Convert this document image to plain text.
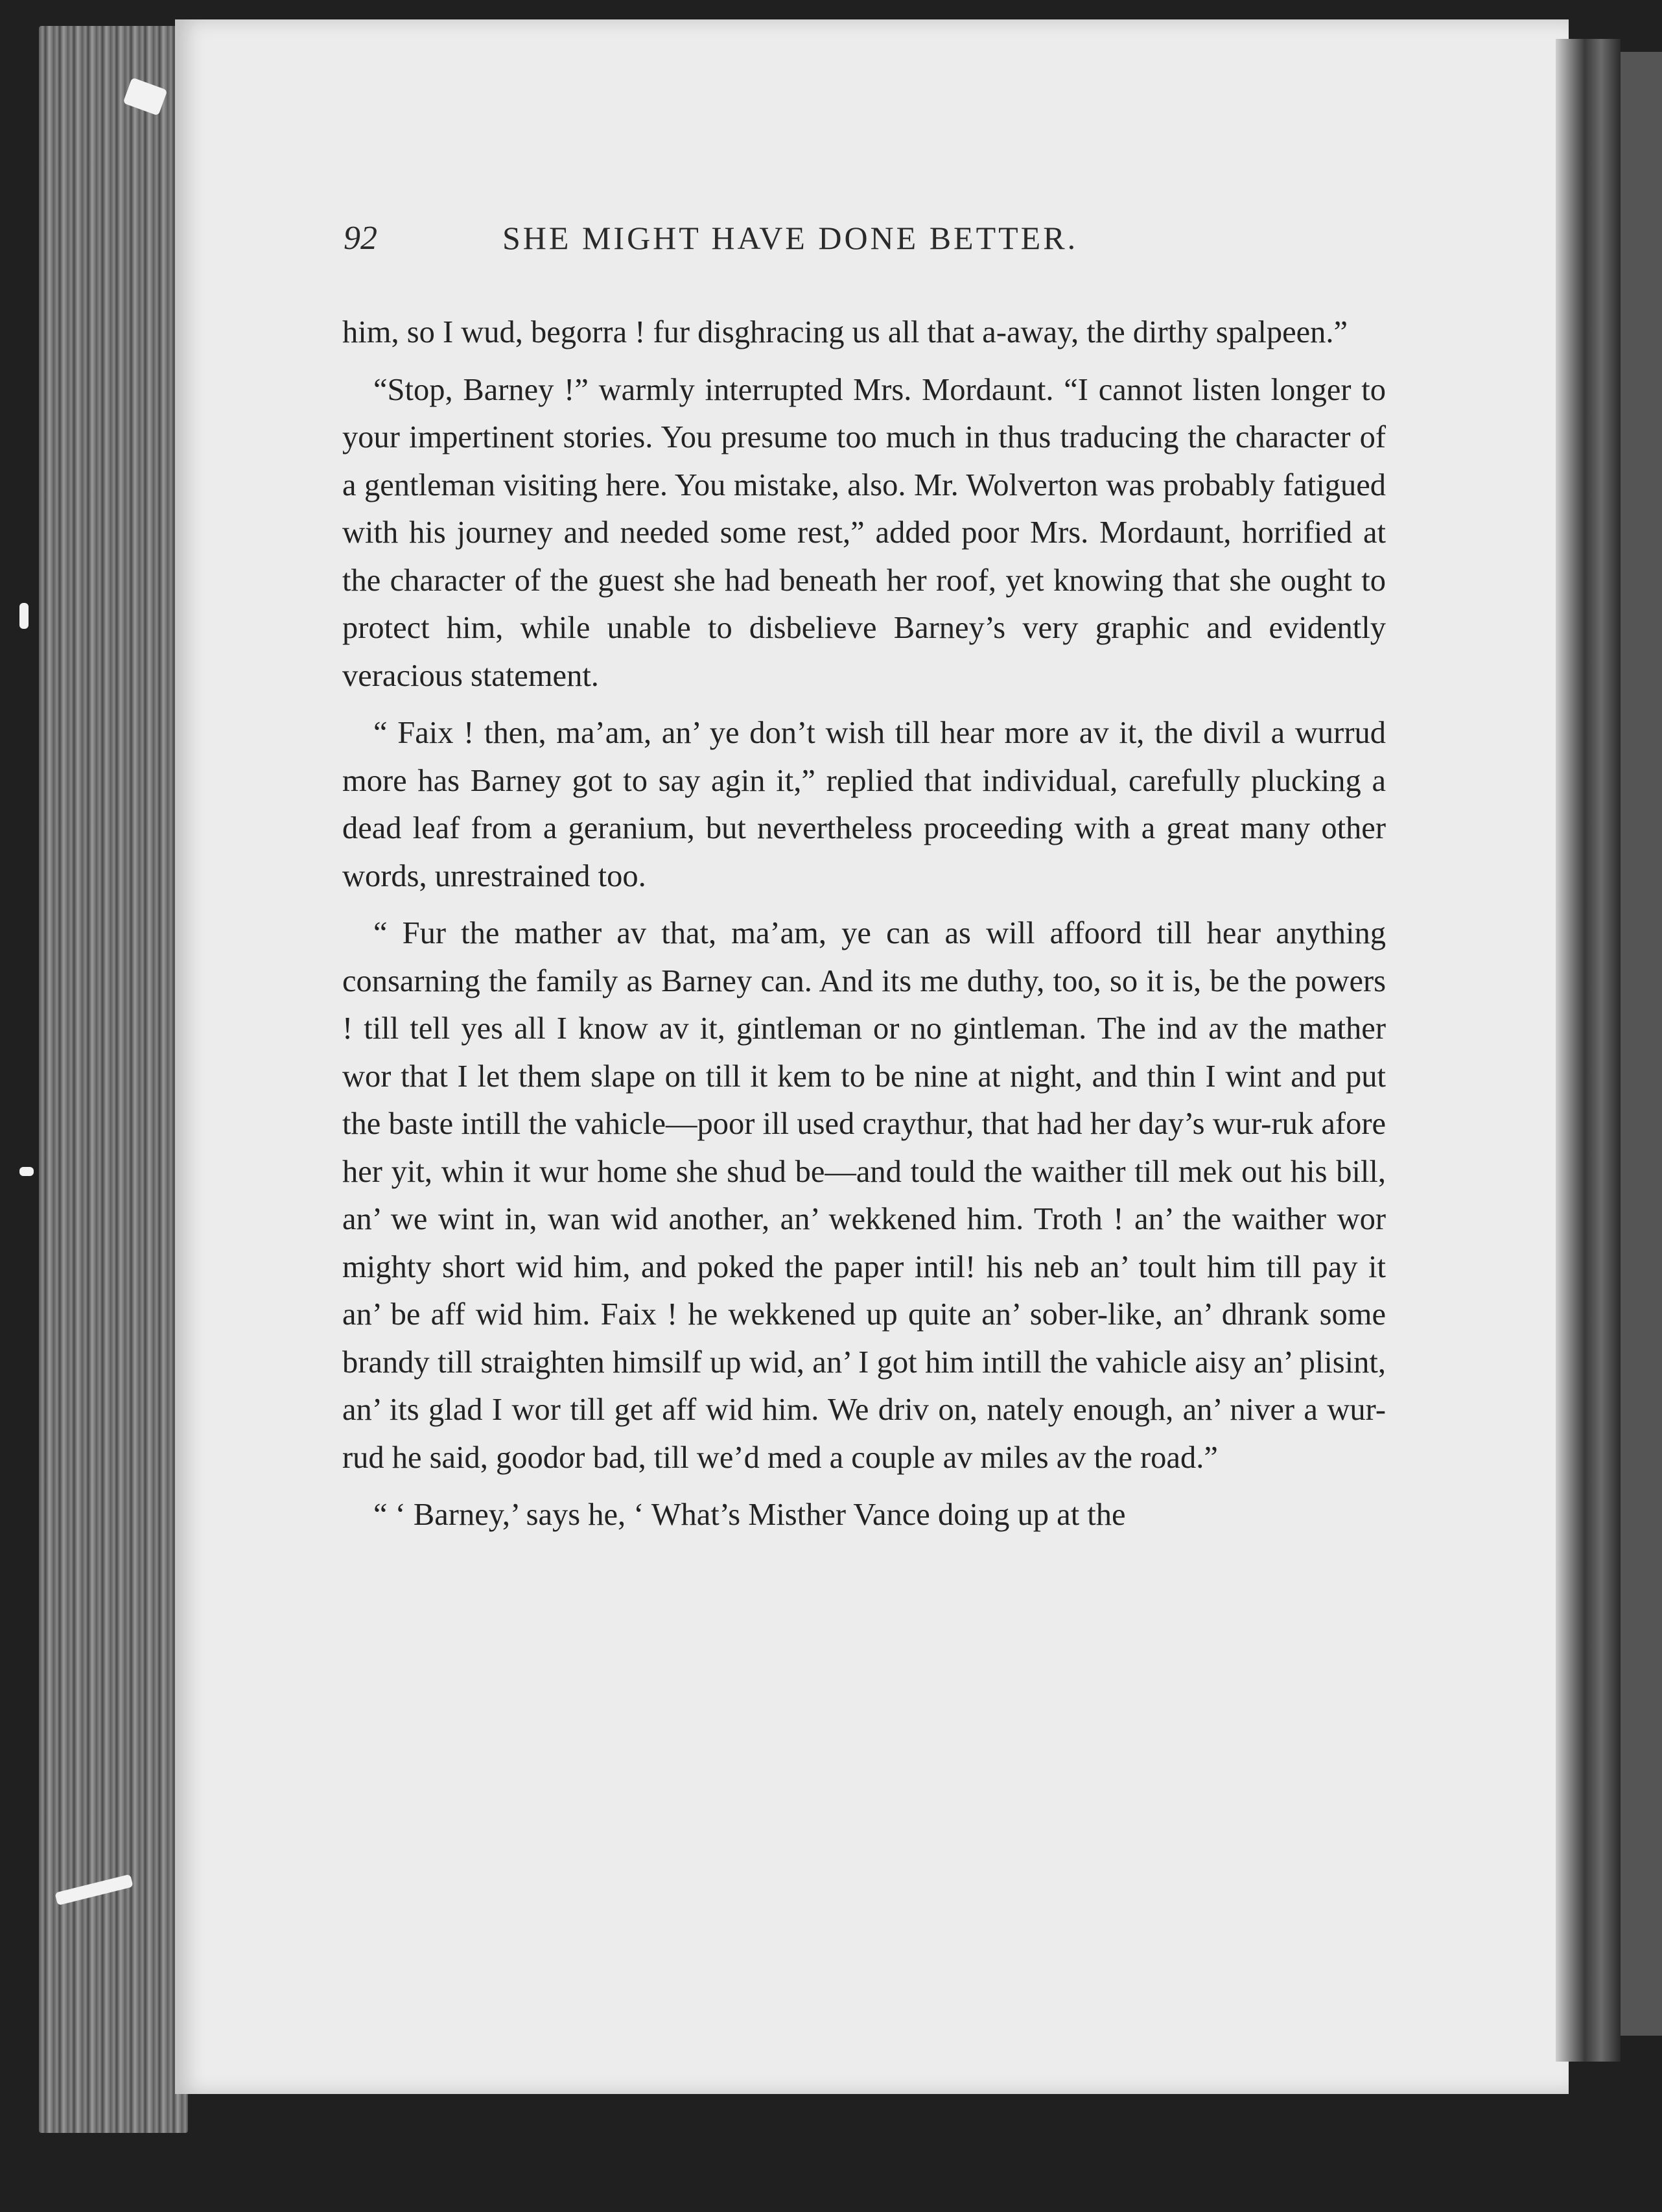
92	SHE MIGHT HAVE DONE BETTER.

him, so I wud, begorra ! fur disghracing us all that a-away, the dirthy spalpeen.”

“Stop, Barney !” warmly interrupted Mrs. Mordaunt. “I cannot listen longer to your impertinent stories. You presume too much in thus traducing the character of a gentleman visiting here. You mistake, also. Mr. Wolverton was probably fatigued with his journey and needed some rest,” added poor Mrs. Mordaunt, horrified at the character of the guest she had beneath her roof, yet knowing that she ought to protect him, while unable to disbelieve Barney’s very graphic and evidently veracious statement.

“ Faix ! then, ma’am, an’ ye don’t wish till hear more av it, the divil a wurrud more has Barney got to say agin it,” replied that individual, carefully plucking a dead leaf from a geranium, but nevertheless proceeding with a great many other words, unrestrained too.

“ Fur the mather av that, ma’am, ye can as will affoord till hear anything consarning the family as Barney can. And its me duthy, too, so it is, be the powers ! till tell yes all I know av it, gintleman or no gintleman. The ind av the mather wor that I let them slape on till it kem to be nine at night, and thin I wint and put the baste intill the vahicle—poor ill used craythur, that had her day’s wur-ruk afore her yit, whin it wur home she shud be—and tould the waither till mek out his bill, an’ we wint in, wan wid another, an’ wekkened him. Troth ! an’ the waither wor mighty short wid him, and poked the paper intil! his neb an’ toult him till pay it an’ be aff wid him. Faix ! he wekkened up quite an’ sober-like, an’ dhrank some brandy till straighten himsilf up wid, an’ I got him intill the vahicle aisy an’ plisint, an’ its glad I wor till get aff wid him. We driv on, nately enough, an’ niver a wur-rud he said, goodor bad, till we’d med a couple av miles av the road.”

“ ‘ Barney,’ says he, ‘ What’s Misther Vance doing up at the
